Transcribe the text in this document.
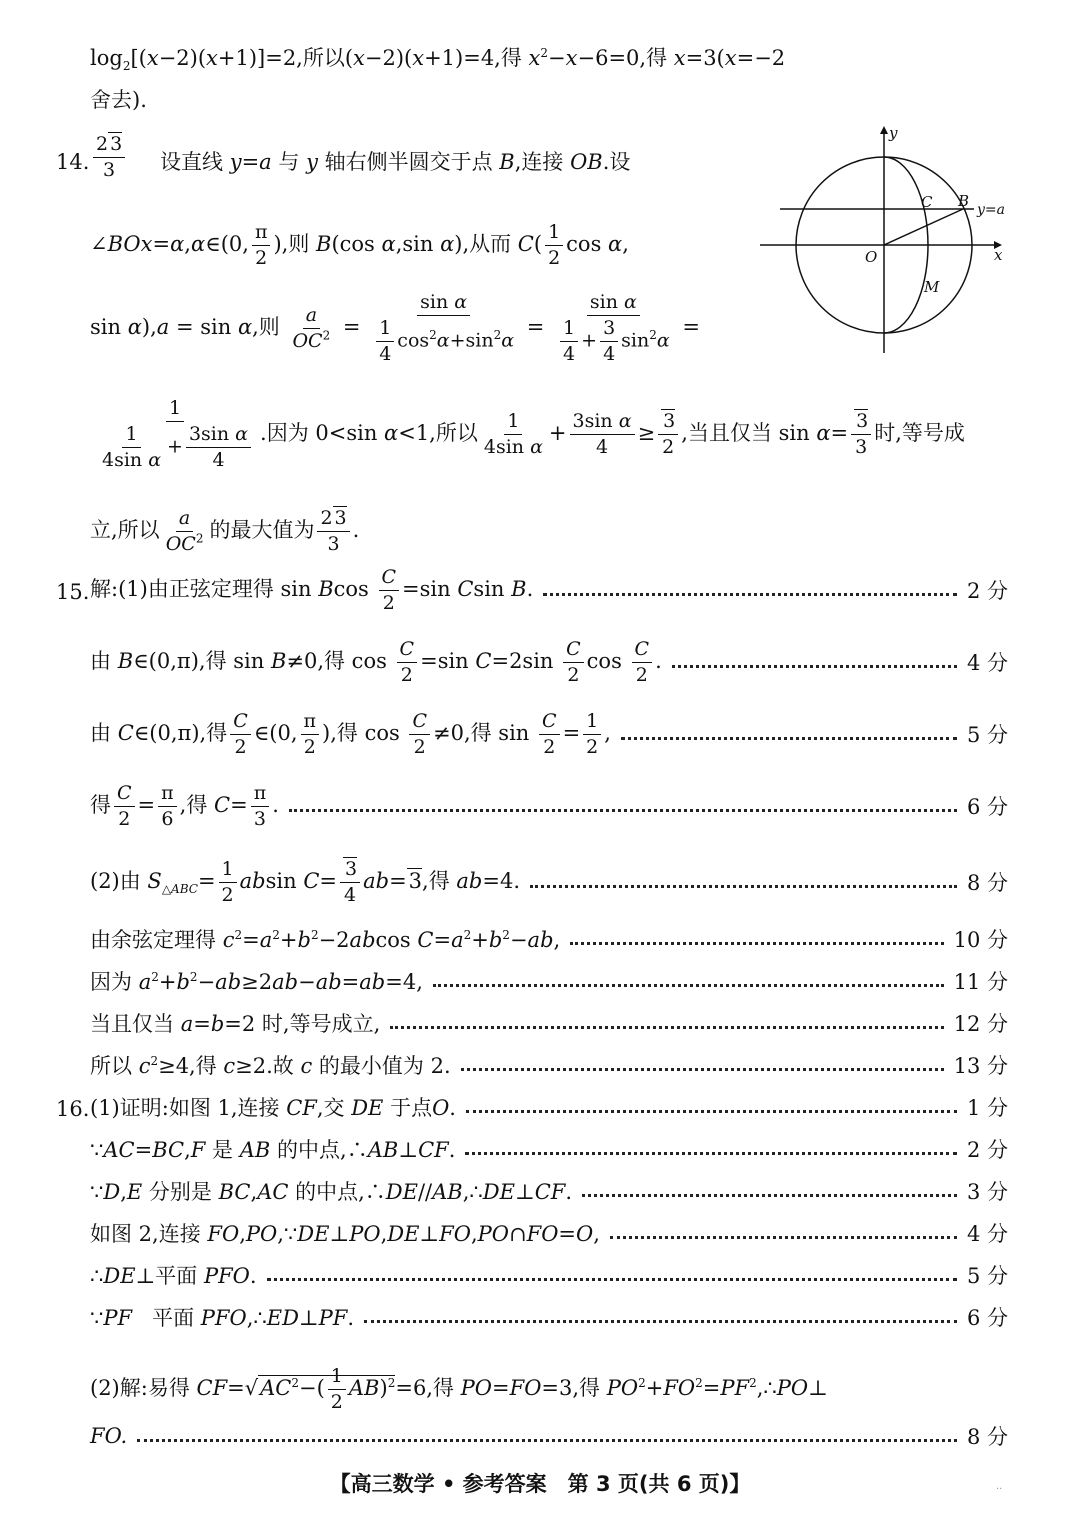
$\log_2[(x-2)(x+1)]=2$,所以(x−2)(x+1)=4,得 $x^2-x-6=0$,得 x=3(x=−2
舍去).
14. $\frac{2 3}{3}$ 设直线 y=a 与 y 轴右侧半圆交于点 B,连接 OB.设
∠BOx=α,α∈(0, $\frac{\pi}{2}$ ),则 B(cos α,sin α),从而 $C( \frac{1}{2}$ cos α,
sin α),a = sin α,则 $\frac{a}{OC^2} = \frac{\text{sin α}}{\frac{1}{4} \cos^2\alpha+\sin^2\alpha} = \frac{\text{sin α}}{\frac{1}{4} + \frac{3}{4} \sin^2\alpha}$ =
$\frac{1}{\frac{1}{\text{4sin α}} + \frac{\text{3sin α}}{4}}$ .因为 0<sin α<1,所以 $\frac{1}{\text{4sin α}} + \frac{\text{3sin α}}{4} \ge \frac{3}{2}$ ,当且仅当 $\sin \alpha= \frac{3}{3}$ 时,等号成
立,所以 $\frac{a}{OC^2}$ 的最大值为 $\frac{2 3}{3}$ .
y
x
B
C
O
M
y=a
15. 解:(1)由正弦定理得 sin Bcos $\frac{C}{2} =\sin$ Csin B.	2 分
由 B∈(0,π),得 sin B≠0,得 $\cos \frac{C}{2} =\sin$ $C=2\sin \frac{C}{2}$ $\cos \frac{C}{2}$ .	4 分
由 C∈(0,π),得 $\frac{C}{2}$ ∈(0, $\frac{\pi}{2}$ ),得 $\cos \frac{C}{2} \ne 0$,得 $\sin \frac{C}{2} = \frac{1}{2}$ ,	5 分
得 $\frac{C}{2} = \frac{\pi}{6}$ ,得 $C= \frac{\pi}{3}$ .	6 分
(2)由 $S_{\triangle ABC}= \frac{1}{2}$ absin $C= \frac{3}{4} ab=3$,得 ab=4.	8 分
由余弦定理得 $c^2=a^2+b^2-2abcos$ $C=a^2+b^2-ab$,	10 分
因为 $a^2+b^2-ab\ge 2ab-ab=ab=4$,	11 分
当且仅当 a=b=2 时,等号成立,	12 分
所以 $c^2\ge 4$,得 c≥2.故 c 的最小值为 2.	13 分
16. (1)证明:如图 1,连接 CF,交 DE 于点O.	1 分
∵AC=BC,F 是 AB 的中点,∴AB⊥CF.	2 分
∵D,E 分别是 BC,AC 的中点,∴DE//AB,∴DE⊥CF.	3 分
如图 2,连接 FO,PO,∵DE⊥PO,DE⊥FO,PO∩FO=O,	4 分
∴DE⊥平面 PFO.	5 分
∵PF   平面 PFO,∴ED⊥PF.	6 分
(2)解:易得 $CF=√AC^2-( \frac{1}{2} AB)^2=6$,得 PO=FO=3,得 $PO^2+FO^2=PF^2,\therefore PO\perp$
FO.	8 分
【高三数学 • 参考答案　第 3 页(共 6 页)】	··
